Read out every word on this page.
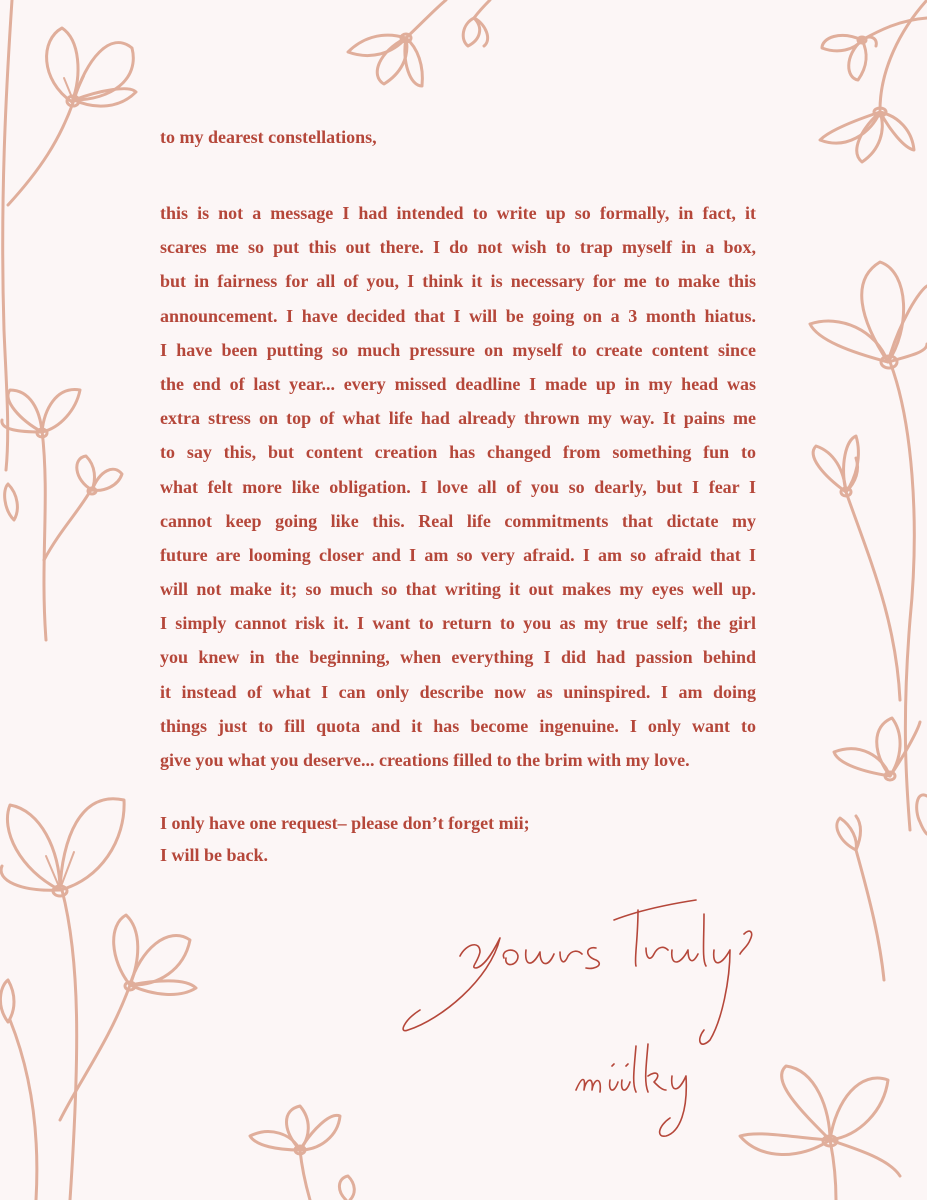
to my dearest constellations,

this is not a message I had intended to write up so formally, in fact, it
scares me so put this out there. I do not wish to trap myself in a box,
but in fairness for all of you, I think it is necessary for me to make this
announcement. I have decided that I will be going on a 3 month hiatus.
I have been putting so much pressure on myself to create content since
the end of last year... every missed deadline I made up in my head was
extra stress on top of what life had already thrown my way. It pains me
to say this, but content creation has changed from something fun to
what felt more like obligation. I love all of you so dearly, but I fear I
cannot keep going like this. Real life commitments that dictate my
future are looming closer and I am so very afraid. I am so afraid that I
will not make it; so much so that writing it out makes my eyes well up.
I simply cannot risk it. I want to return to you as my true self; the girl
you knew in the beginning, when everything I did had passion behind
it instead of what I can only describe now as uninspired. I am doing
things just to fill quota and it has become ingenuine. I only want to
give you what you deserve... creations filled to the brim with my love.
I only have one request– please don’t forget mii;
I will be back.
